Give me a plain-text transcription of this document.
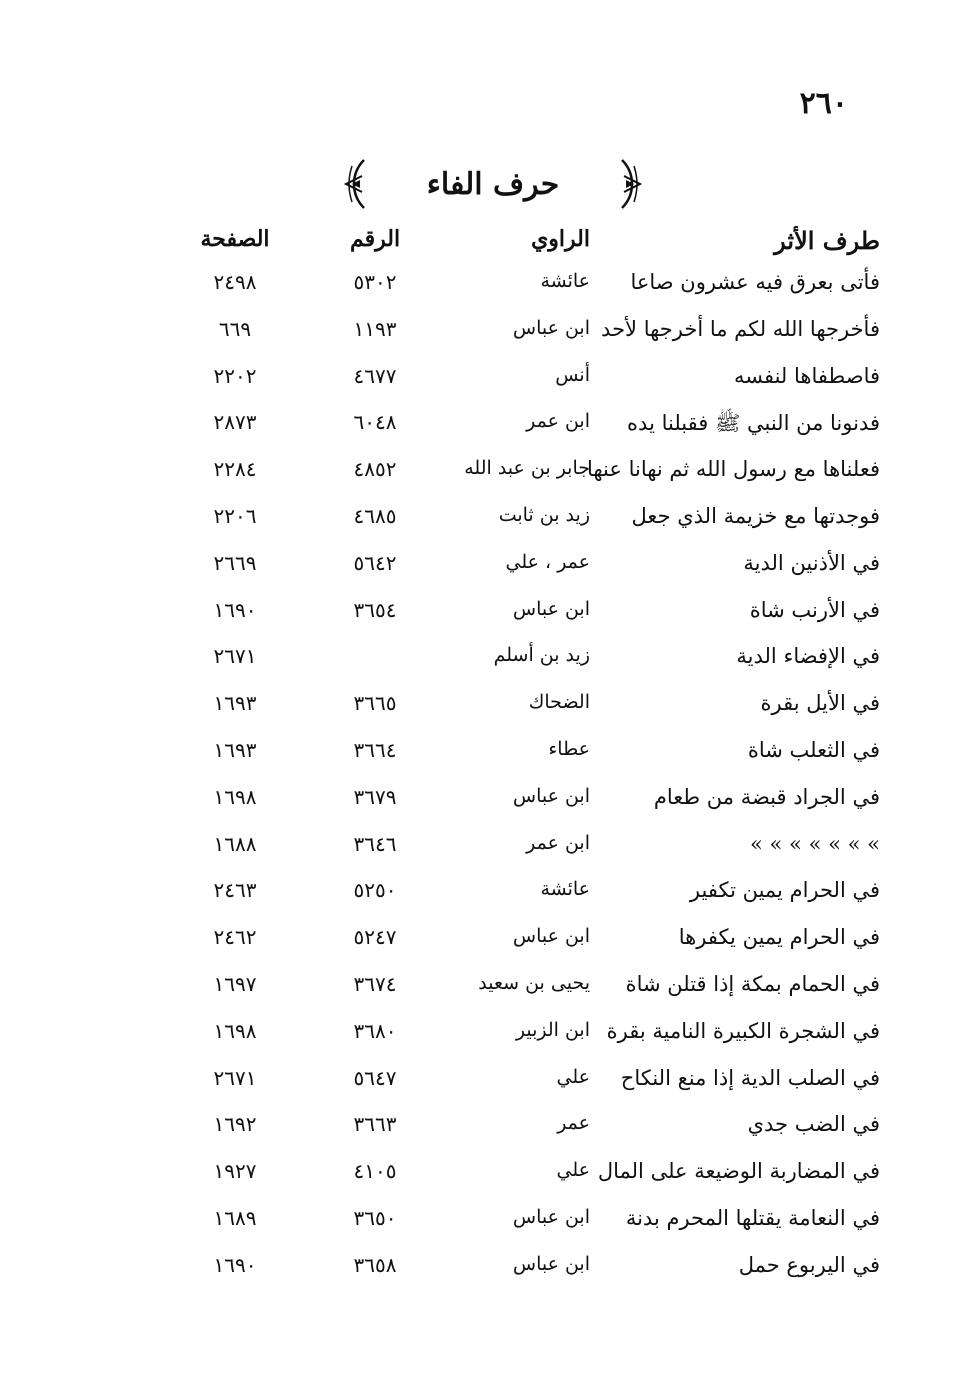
٢٦٠
حرف الفاء
طرف الأثر
الراوي
الرقم
الصفحة
فأتى بعرق فيه عشرون صاعا
عائشة
٥٣٠٢
٢٤٩٨
فأخرجها الله لكم ما أخرجها لأحد
ابن عباس
١١٩٣
٦٦٩
فاصطفاها لنفسه
أنس
٤٦٧٧
٢٢٠٢
فدنونا من النبي ﷺ فقبلنا يده
ابن عمر
٦٠٤٨
٢٨٧٣
فعلناها مع رسول الله ثم نهانا عنها
جابر بن عبد الله
٤٨٥٢
٢٢٨٤
فوجدتها مع خزيمة الذي جعل
زيد بن ثابت
٤٦٨٥
٢٢٠٦
في الأذنين الدية
عمر ، علي
٥٦٤٢
٢٦٦٩
في الأرنب شاة
ابن عباس
٣٦٥٤
١٦٩٠
في الإفضاء الدية
زيد بن أسلم
٢٦٧١
في الأيل بقرة
الضحاك
٣٦٦٥
١٦٩٣
في الثعلب شاة
عطاء
٣٦٦٤
١٦٩٣
في الجراد قبضة من طعام
ابن عباس
٣٦٧٩
١٦٩٨
» » » » » » »
ابن عمر
٣٦٤٦
١٦٨٨
في الحرام يمين تكفير
عائشة
٥٢٥٠
٢٤٦٣
في الحرام يمين يكفرها
ابن عباس
٥٢٤٧
٢٤٦٢
في الحمام بمكة إذا قتلن شاة
يحيى بن سعيد
٣٦٧٤
١٦٩٧
في الشجرة الكبيرة النامية بقرة
ابن الزبير
٣٦٨٠
١٦٩٨
في الصلب الدية إذا منع النكاح
علي
٥٦٤٧
٢٦٧١
في الضب جدي
عمر
٣٦٦٣
١٦٩٢
في المضاربة الوضيعة على المال
علي
٤١٠٥
١٩٢٧
في النعامة يقتلها المحرم بدنة
ابن عباس
٣٦٥٠
١٦٨٩
في اليربوع حمل
ابن عباس
٣٦٥٨
١٦٩٠
